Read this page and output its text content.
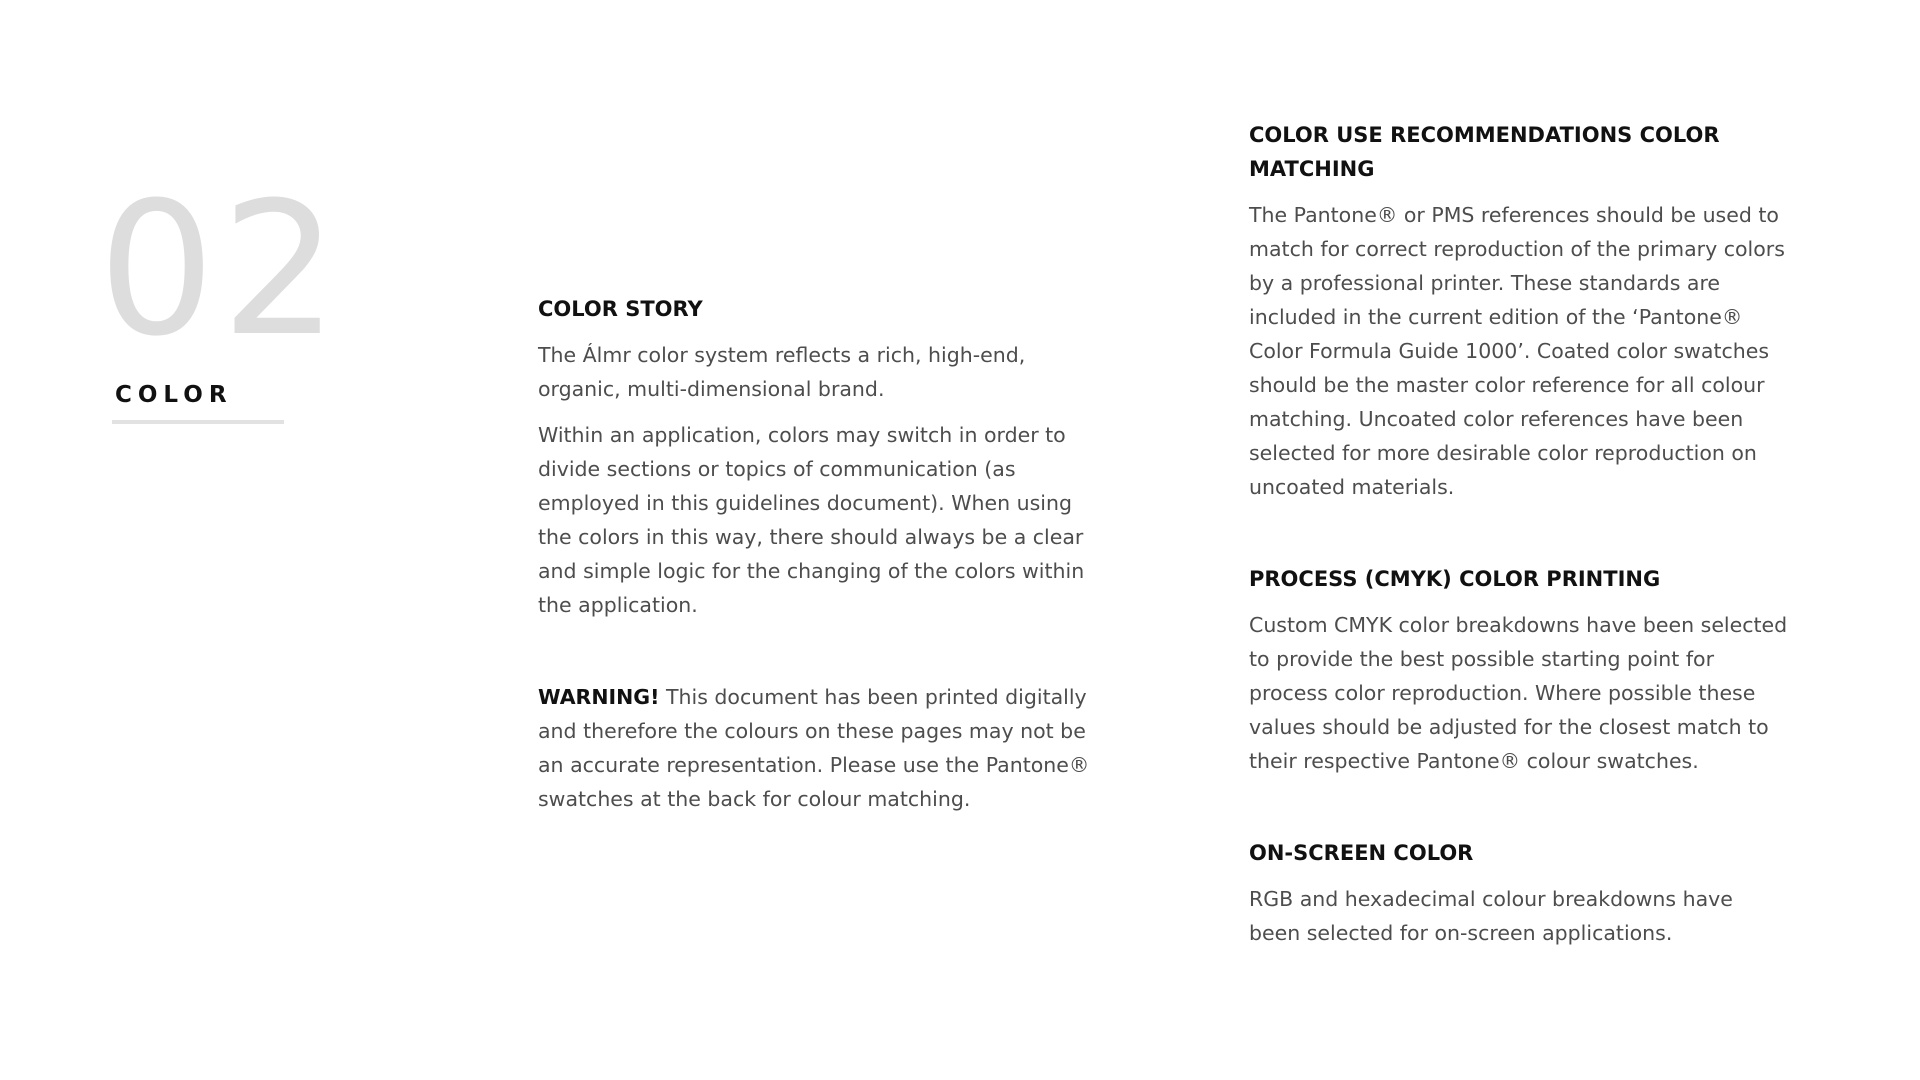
02
COLOR
COLOR STORY

The Álmr color system reflects a rich, high-end, organic, multi-dimensional brand.

Within an application, colors may switch in order to divide sections or topics of communication (as employed in this guidelines document). When using the colors in this way, there should always be a clear and simple logic for the changing of the colors within the application.

WARNING! This document has been printed digitally and therefore the colours on these pages may not be an accurate representation. Please use the Pantone® swatches at the back for colour matching.

COLOR USE RECOMMENDATIONS COLOR MATCHING

The Pantone® or PMS references should be used to match for correct reproduction of the primary colors by a professional printer. These standards are included in the current edition of the ‘Pantone® Color Formula Guide 1000’. Coated color swatches should be the master color reference for all colour matching. Uncoated color references have been selected for more desirable color reproduction on uncoated materials.

PROCESS (CMYK) COLOR PRINTING

Custom CMYK color breakdowns have been selected to provide the best possible starting point for process color reproduction. Where possible these values should be adjusted for the closest match to their respective Pantone® colour swatches.

ON-SCREEN COLOR

RGB and hexadecimal colour breakdowns have been selected for on-screen applications.
